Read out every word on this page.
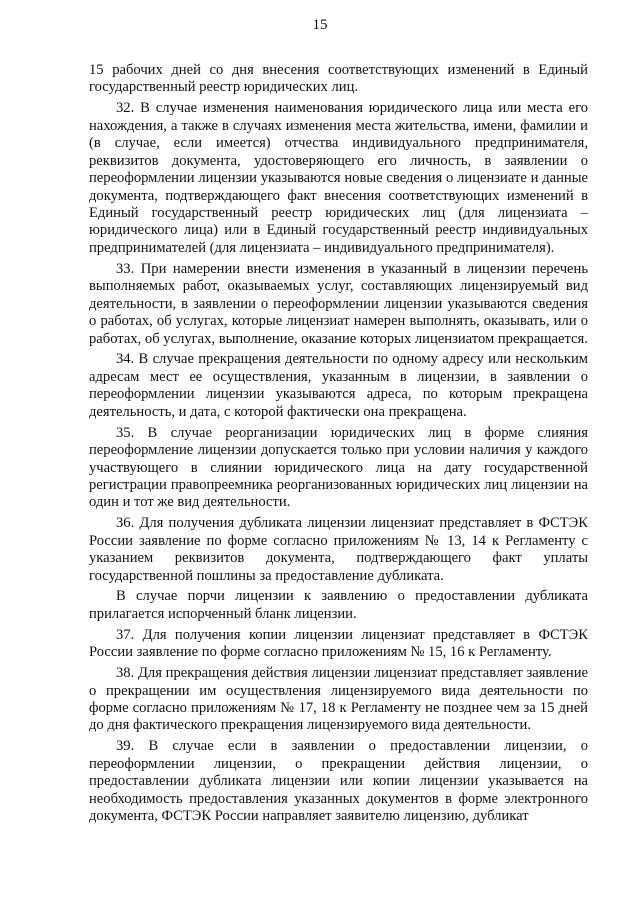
15

15 рабочих дней со дня внесения соответствующих изменений в Единый государственный реестр юридических лиц.

32. В случае изменения наименования юридического лица или места его нахождения, а также в случаях изменения места жительства, имени, фамилии и (в случае, если имеется) отчества индивидуального предпринимателя, реквизитов документа, удостоверяющего его личность, в заявлении о переоформлении лицензии указываются новые сведения о лицензиате и данные документа, подтверждающего факт внесения соответствующих изменений в Единый государственный реестр юридических лиц (для лицензиата – юридического лица) или в Единый государственный реестр индивидуальных предпринимателей (для лицензиата – индивидуального предпринимателя).

33. При намерении внести изменения в указанный в лицензии перечень выполняемых работ, оказываемых услуг, составляющих лицензируемый вид деятельности, в заявлении о переоформлении лицензии указываются сведения о работах, об услугах, которые лицензиат намерен выполнять, оказывать, или о работах, об услугах, выполнение, оказание которых лицензиатом прекращается.

34. В случае прекращения деятельности по одному адресу или нескольким адресам мест ее осуществления, указанным в лицензии, в заявлении о переоформлении лицензии указываются адреса, по которым прекращена деятельность, и дата, с которой фактически она прекращена.

35. В случае реорганизации юридических лиц в форме слияния переоформление лицензии допускается только при условии наличия у каждого участвующего в слиянии юридического лица на дату государственной регистрации правопреемника реорганизованных юридических лиц лицензии на один и тот же вид деятельности.

36. Для получения дубликата лицензии лицензиат представляет в ФСТЭК России заявление по форме согласно приложениям № 13, 14 к Регламенту с указанием реквизитов документа, подтверждающего факт уплаты государственной пошлины за предоставление дубликата.

В случае порчи лицензии к заявлению о предоставлении дубликата прилагается испорченный бланк лицензии.

37. Для получения копии лицензии лицензиат представляет в ФСТЭК России заявление по форме согласно приложениям № 15, 16 к Регламенту.

38. Для прекращения действия лицензии лицензиат представляет заявление о прекращении им осуществления лицензируемого вида деятельности по форме согласно приложениям № 17, 18 к Регламенту не позднее чем за 15 дней до дня фактического прекращения лицензируемого вида деятельности.

39. В случае если в заявлении о предоставлении лицензии, о переоформлении лицензии, о прекращении действия лицензии, о предоставлении дубликата лицензии или копии лицензии указывается на необходимость предоставления указанных документов в форме электронного документа, ФСТЭК России направляет заявителю лицензию, дубликат
